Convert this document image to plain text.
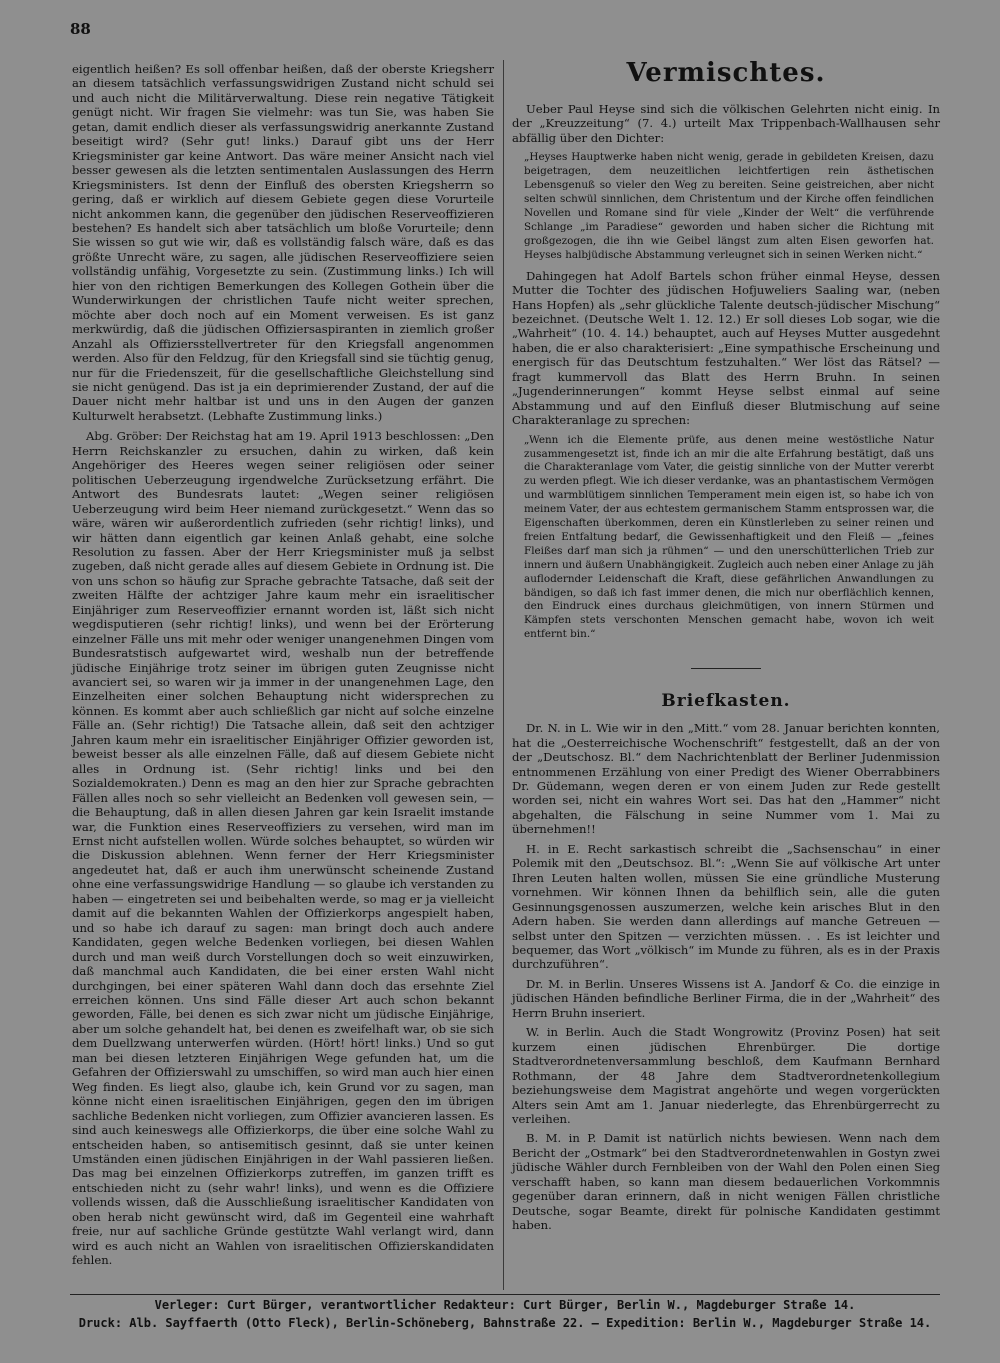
88

eigentlich heißen? Es soll offenbar heißen, daß der oberste Kriegsherr an diesem tatsächlich verfassungswidrigen Zustand nicht schuld sei und auch nicht die Militärverwaltung. Diese rein negative Tätigkeit genügt nicht. Wir fragen Sie vielmehr: was tun Sie, was haben Sie getan, damit endlich dieser als verfassungswidrig anerkannte Zustand beseitigt wird? (Sehr gut! links.) Darauf gibt uns der Herr Kriegsminister gar keine Antwort. Das wäre meiner Ansicht nach viel besser gewesen als die letzten sentimentalen Auslassungen des Herrn Kriegsministers. Ist denn der Einfluß des obersten Kriegsherrn so gering, daß er wirklich auf diesem Gebiete gegen diese Vorurteile nicht ankommen kann, die gegenüber den jüdischen Reserveoffizieren bestehen? Es handelt sich aber tatsächlich um bloße Vorurteile; denn Sie wissen so gut wie wir, daß es vollständig falsch wäre, daß es das größte Unrecht wäre, zu sagen, alle jüdischen Reserveoffiziere seien vollständig unfähig, Vorgesetzte zu sein. (Zustimmung links.) Ich will hier von den richtigen Bemerkungen des Kollegen Gothein über die Wunderwirkungen der christlichen Taufe nicht weiter sprechen, möchte aber doch noch auf ein Moment verweisen. Es ist ganz merkwürdig, daß die jüdischen Offiziersaspiranten in ziemlich großer Anzahl als Offiziersstellvertreter für den Kriegsfall angenommen werden. Also für den Feldzug, für den Kriegsfall sind sie tüchtig genug, nur für die Friedenszeit, für die gesellschaftliche Gleichstellung sind sie nicht genügend. Das ist ja ein deprimierender Zustand, der auf die Dauer nicht mehr haltbar ist und uns in den Augen der ganzen Kulturwelt herabsetzt. (Lebhafte Zustimmung links.)

Abg. Gröber: Der Reichstag hat am 19. April 1913 beschlossen: „Den Herrn Reichskanzler zu ersuchen, dahin zu wirken, daß kein Angehöriger des Heeres wegen seiner religiösen oder seiner politischen Ueberzeugung irgendwelche Zurücksetzung erfährt. Die Antwort des Bundesrats lautet: „Wegen seiner religiösen Ueberzeugung wird beim Heer niemand zurückgesetzt.“ Wenn das so wäre, wären wir außerordentlich zufrieden (sehr richtig! links), und wir hätten dann eigentlich gar keinen Anlaß gehabt, eine solche Resolution zu fassen. Aber der Herr Kriegsminister muß ja selbst zugeben, daß nicht gerade alles auf diesem Gebiete in Ordnung ist. Die von uns schon so häufig zur Sprache gebrachte Tatsache, daß seit der zweiten Hälfte der achtziger Jahre kaum mehr ein israelitischer Einjähriger zum Reserveoffizier ernannt worden ist, läßt sich nicht wegdisputieren (sehr richtig! links), und wenn bei der Erörterung einzelner Fälle uns mit mehr oder weniger unangenehmen Dingen vom Bundesratstisch aufgewartet wird, weshalb nun der betreffende jüdische Einjährige trotz seiner im übrigen guten Zeugnisse nicht avanciert sei, so waren wir ja immer in der unangenehmen Lage, den Einzelheiten einer solchen Behauptung nicht widersprechen zu können. Es kommt aber auch schließlich gar nicht auf solche einzelne Fälle an. (Sehr richtig!) Die Tatsache allein, daß seit den achtziger Jahren kaum mehr ein israelitischer Einjähriger Offizier geworden ist, beweist besser als alle einzelnen Fälle, daß auf diesem Gebiete nicht alles in Ordnung ist. (Sehr richtig! links und bei den Sozialdemokraten.) Denn es mag an den hier zur Sprache gebrachten Fällen alles noch so sehr vielleicht an Bedenken voll gewesen sein, — die Behauptung, daß in allen diesen Jahren gar kein Israelit imstande war, die Funktion eines Reserveoffiziers zu versehen, wird man im Ernst nicht aufstellen wollen. Würde solches behauptet, so würden wir die Diskussion ablehnen. Wenn ferner der Herr Kriegsminister angedeutet hat, daß er auch ihm unerwünscht scheinende Zustand ohne eine verfassungswidrige Handlung — so glaube ich verstanden zu haben — eingetreten sei und beibehalten werde, so mag er ja vielleicht damit auf die bekannten Wahlen der Offizierkorps angespielt haben, und so habe ich darauf zu sagen: man bringt doch auch andere Kandidaten, gegen welche Bedenken vorliegen, bei diesen Wahlen durch und man weiß durch Vorstellungen doch so weit einzuwirken, daß manchmal auch Kandidaten, die bei einer ersten Wahl nicht durchgingen, bei einer späteren Wahl dann doch das ersehnte Ziel erreichen können. Uns sind Fälle dieser Art auch schon bekannt geworden, Fälle, bei denen es sich zwar nicht um jüdische Einjährige, aber um solche gehandelt hat, bei denen es zweifelhaft war, ob sie sich dem Duellzwang unterwerfen würden. (Hört! hört! links.) Und so gut man bei diesen letzteren Einjährigen Wege gefunden hat, um die Gefahren der Offizierswahl zu umschiffen, so wird man auch hier einen Weg finden. Es liegt also, glaube ich, kein Grund vor zu sagen, man könne nicht einen israelitischen Einjährigen, gegen den im übrigen sachliche Bedenken nicht vorliegen, zum Offizier avancieren lassen. Es sind auch keineswegs alle Offizierkorps, die über eine solche Wahl zu entscheiden haben, so antisemitisch gesinnt, daß sie unter keinen Umständen einen jüdischen Einjährigen in der Wahl passieren ließen. Das mag bei einzelnen Offizierkorps zutreffen, im ganzen trifft es entschieden nicht zu (sehr wahr! links), und wenn es die Offiziere vollends wissen, daß die Ausschließung israelitischer Kandidaten von oben herab nicht gewünscht wird, daß im Gegenteil eine wahrhaft freie, nur auf sachliche Gründe gestützte Wahl verlangt wird, dann wird es auch nicht an Wahlen von israelitischen Offizierskandidaten fehlen.

Vermischtes.

Ueber Paul Heyse sind sich die völkischen Gelehrten nicht einig. In der „Kreuzzeitung“ (7. 4.) urteilt Max Trippenbach-Wallhausen sehr abfällig über den Dichter:

„Heyses Hauptwerke haben nicht wenig, gerade in gebildeten Kreisen, dazu beigetragen, dem neuzeitlichen leichtfertigen rein ästhetischen Lebensgenuß so vieler den Weg zu bereiten. Seine geistreichen, aber nicht selten schwül sinnlichen, dem Christentum und der Kirche offen feindlichen Novellen und Romane sind für viele „Kinder der Welt“ die verführende Schlange „im Paradiese“ geworden und haben sicher die Richtung mit großgezogen, die ihn wie Geibel längst zum alten Eisen geworfen hat. Heyses halbjüdische Abstammung verleugnet sich in seinen Werken nicht.“

Dahingegen hat Adolf Bartels schon früher einmal Heyse, dessen Mutter die Tochter des jüdischen Hofjuweliers Saaling war, (neben Hans Hopfen) als „sehr glückliche Talente deutsch-jüdischer Mischung“ bezeichnet. (Deutsche Welt 1. 12. 12.) Er soll dieses Lob sogar, wie die „Wahrheit“ (10. 4. 14.) behauptet, auch auf Heyses Mutter ausgedehnt haben, die er also charakterisiert: „Eine sympathische Erscheinung und energisch für das Deutschtum festzuhalten.“ Wer löst das Rätsel? — fragt kummervoll das Blatt des Herrn Bruhn. In seinen „Jugenderinnerungen“ kommt Heyse selbst einmal auf seine Abstammung und auf den Einfluß dieser Blutmischung auf seine Charakteranlage zu sprechen:

„Wenn ich die Elemente prüfe, aus denen meine westöstliche Natur zusammengesetzt ist, finde ich an mir die alte Erfahrung bestätigt, daß uns die Charakteranlage vom Vater, die geistig sinnliche von der Mutter vererbt zu werden pflegt. Wie ich dieser verdanke, was an phantastischem Vermögen und warmblütigem sinnlichen Temperament mein eigen ist, so habe ich von meinem Vater, der aus echtestem germanischem Stamm entsprossen war, die Eigenschaften überkommen, deren ein Künstlerleben zu seiner reinen und freien Entfaltung bedarf, die Gewissenhaftigkeit und den Fleiß — „feines Fleißes darf man sich ja rühmen“ — und den unerschütterlichen Trieb zur innern und äußern Unabhängigkeit. Zugleich auch neben einer Anlage zu jäh auflodernder Leidenschaft die Kraft, diese gefährlichen Anwandlungen zu bändigen, so daß ich fast immer denen, die mich nur oberflächlich kennen, den Eindruck eines durchaus gleichmütigen, von innern Stürmen und Kämpfen stets verschonten Menschen gemacht habe, wovon ich weit entfernt bin.“

Briefkasten.

Dr. N. in L. Wie wir in den „Mitt.“ vom 28. Januar berichten konnten, hat die „Oesterreichische Wochenschrift“ festgestellt, daß an der von der „Deutschosz. Bl.“ dem Nachrichtenblatt der Berliner Judenmission entnommenen Erzählung von einer Predigt des Wiener Oberrabbiners Dr. Güdemann, wegen deren er von einem Juden zur Rede gestellt worden sei, nicht ein wahres Wort sei. Das hat den „Hammer“ nicht abgehalten, die Fälschung in seine Nummer vom 1. Mai zu übernehmen!!

H. in E. Recht sarkastisch schreibt die „Sachsenschau“ in einer Polemik mit den „Deutschsoz. Bl.“: „Wenn Sie auf völkische Art unter Ihren Leuten halten wollen, müssen Sie eine gründliche Musterung vornehmen. Wir können Ihnen da behilflich sein, alle die guten Gesinnungsgenossen auszumerzen, welche kein arisches Blut in den Adern haben. Sie werden dann allerdings auf manche Getreuen — selbst unter den Spitzen — verzichten müssen. . . Es ist leichter und bequemer, das Wort „völkisch“ im Munde zu führen, als es in der Praxis durchzuführen“.

Dr. M. in Berlin. Unseres Wissens ist A. Jandorf & Co. die einzige in jüdischen Händen befindliche Berliner Firma, die in der „Wahrheit“ des Herrn Bruhn inseriert.

W. in Berlin. Auch die Stadt Wongrowitz (Provinz Posen) hat seit kurzem einen jüdischen Ehrenbürger. Die dortige Stadtverordnetenversammlung beschloß, dem Kaufmann Bernhard Rothmann, der 48 Jahre dem Stadtverordnetenkollegium beziehungsweise dem Magistrat angehörte und wegen vorgerückten Alters sein Amt am 1. Januar niederlegte, das Ehrenbürgerrecht zu verleihen.

B. M. in P. Damit ist natürlich nichts bewiesen. Wenn nach dem Bericht der „Ostmark“ bei den Stadtverordnetenwahlen in Gostyn zwei jüdische Wähler durch Fernbleiben von der Wahl den Polen einen Sieg verschafft haben, so kann man diesem bedauerlichen Vorkommnis gegenüber daran erinnern, daß in nicht wenigen Fällen christliche Deutsche, sogar Beamte, direkt für polnische Kandidaten gestimmt haben.

Verleger: Curt Bürger, verantwortlicher Redakteur: Curt Bürger, Berlin W., Magdeburger Straße 14.
Druck: Alb. Sayffaerth (Otto Fleck), Berlin-Schöneberg, Bahnstraße 22. — Expedition: Berlin W., Magdeburger Straße 14.
